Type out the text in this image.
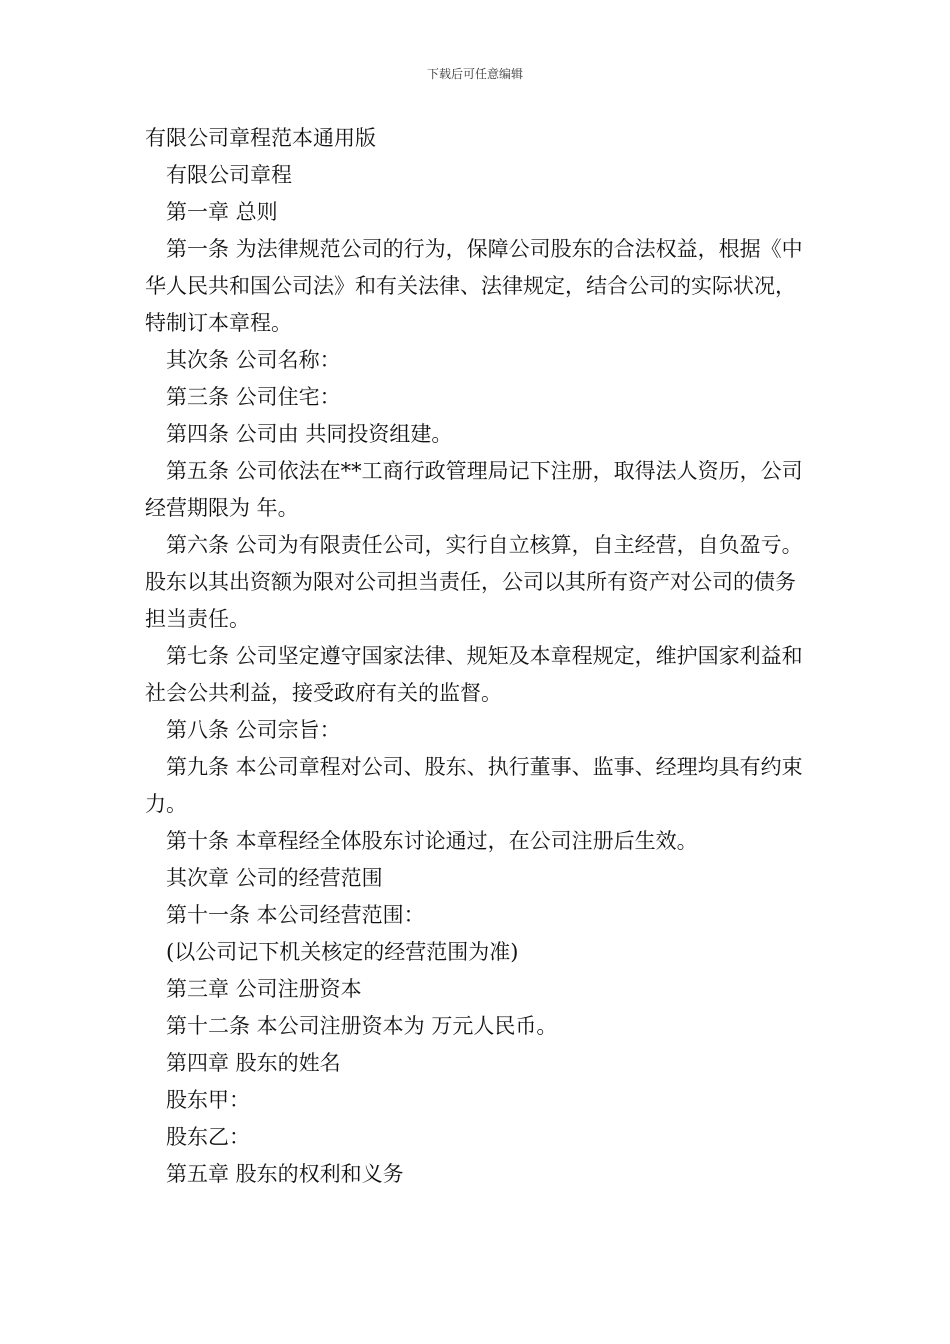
下载后可任意编辑

有限公司章程范本通用版

有限公司章程

第一章 总则

第一条 为法律规范公司的行为，保障公司股东的合法权益，根据《中华人民共和国公司法》和有关法律、法律规定，结合公司的实际状况，特制订本章程。

其次条 公司名称：

第三条 公司住宅：

第四条 公司由 共同投资组建。

第五条 公司依法在**工商行政管理局记下注册，取得法人资历，公司经营期限为 年。

第六条 公司为有限责任公司，实行自立核算，自主经营，自负盈亏。股东以其出资额为限对公司担当责任，公司以其所有资产对公司的债务担当责任。

第七条 公司坚定遵守国家法律、规矩及本章程规定，维护国家利益和社会公共利益，接受政府有关的监督。

第八条 公司宗旨：

第九条 本公司章程对公司、股东、执行董事、监事、经理均具有约束力。

第十条 本章程经全体股东讨论通过，在公司注册后生效。

其次章 公司的经营范围

第十一条 本公司经营范围：

(以公司记下机关核定的经营范围为准)

第三章 公司注册资本

第十二条 本公司注册资本为 万元人民币。

第四章 股东的姓名

股东甲：

股东乙：

第五章 股东的权利和义务
